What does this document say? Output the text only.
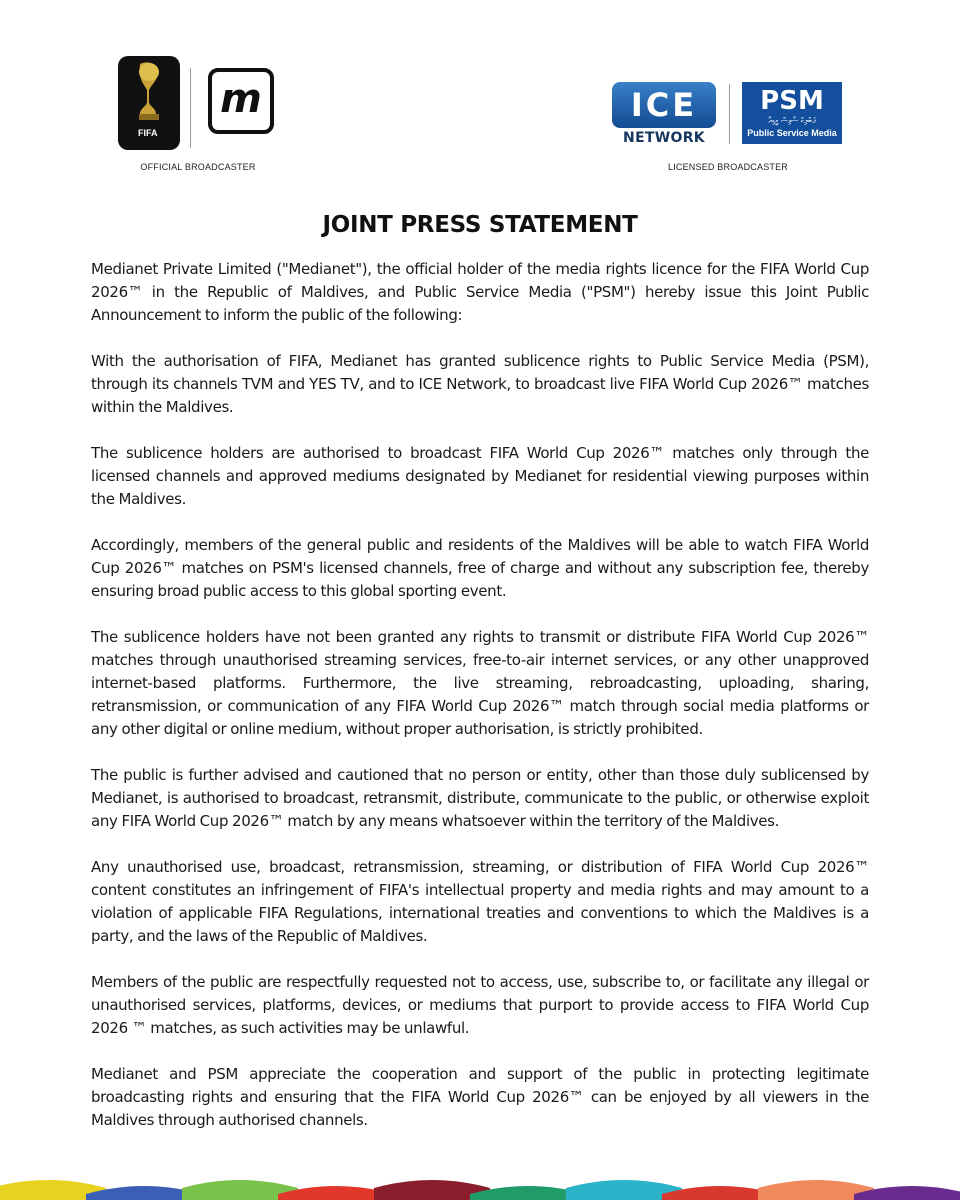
FIFA
m
OFFICIAL BROADCASTER
ICE
NETWORK
PSM
ޕަބްލިކް ސާވިސް މީޑިއާ
Public Service Media
LICENSED BROADCASTER
JOINT PRESS STATEMENT

Medianet Private Limited ("Medianet"), the official holder of the media rights licence for the FIFA World Cup 2026™ in the Republic of Maldives, and Public Service Media ("PSM") hereby issue this Joint Public Announcement to inform the public of the following:

With the authorisation of FIFA, Medianet has granted sublicence rights to Public Service Media (PSM), through its channels TVM and YES TV, and to ICE Network, to broadcast live FIFA World Cup 2026™ matches within the Maldives.

The sublicence holders are authorised to broadcast FIFA World Cup 2026™ matches only through the licensed channels and approved mediums designated by Medianet for residential viewing purposes within the Maldives.

Accordingly, members of the general public and residents of the Maldives will be able to watch FIFA World Cup 2026™ matches on PSM's licensed channels, free of charge and without any subscription fee, thereby ensuring broad public access to this global sporting event.

The sublicence holders have not been granted any rights to transmit or distribute FIFA World Cup 2026™ matches through unauthorised streaming services, free-to-air internet services, or any other unapproved internet-based platforms. Furthermore, the live streaming, rebroadcasting, uploading, sharing, retransmission, or communication of any FIFA World Cup 2026™ match through social media platforms or any other digital or online medium, without proper authorisation, is strictly prohibited.

The public is further advised and cautioned that no person or entity, other than those duly sublicensed by Medianet, is authorised to broadcast, retransmit, distribute, communicate to the public, or otherwise exploit any FIFA World Cup 2026™ match by any means whatsoever within the territory of the Maldives.

Any unauthorised use, broadcast, retransmission, streaming, or distribution of FIFA World Cup 2026™ content constitutes an infringement of FIFA's intellectual property and media rights and may amount to a violation of applicable FIFA Regulations, international treaties and conventions to which the Maldives is a party, and the laws of the Republic of Maldives.

Members of the public are respectfully requested not to access, use, subscribe to, or facilitate any illegal or unauthorised services, platforms, devices, or mediums that purport to provide access to FIFA World Cup 2026 ™ matches, as such activities may be unlawful.

Medianet and PSM appreciate the cooperation and support of the public in protecting legitimate broadcasting rights and ensuring that the FIFA World Cup 2026™ can be enjoyed by all viewers in the Maldives through authorised channels.
